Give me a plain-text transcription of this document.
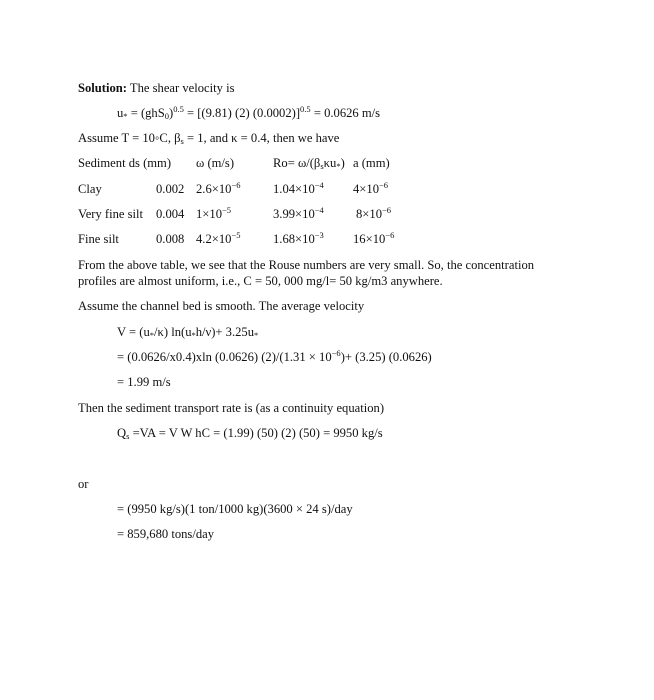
Solution: The shear velocity is
$u_* = (ghS_0)^{0.5} = [(9.81)$ (2) (0.0002)]$^{0.5}$ = 0.0626 m/s
Assume T = 10◦C, $\beta_s = 1$, and κ = 0.4, then we have
Sediment ds (mm) ω (m/s)	$Ro= \omega/(\beta_s\kappa u_*)$ a (mm)
Clay	0.002 $2.6\times 10^{-6}$	$1.04\times 10^{-4}$ $4\times 10^{-6}$
Very fine silt 0.004 $1\times 10^{-5}$	$3.99\times 10^{-4}$	$8\times 10^{-6}$
Fine silt	0.008 $4.2\times 10^{-5}$	$1.68\times 10^{-3}$ $16\times 10^{-6}$
From the above table, we see that the Rouse numbers are very small. So, the concentration
profiles are almost uniform, i.e., C = 50, 000 mg/l= 50 kg/m3 anywhere.
Assume the channel bed is smooth. The average velocity
$V = (u_*/\kappa)$ $\ln(u_*h/\nu)+ 3.25u_*$
= (0.0626/x0.4)xln (0.0626) $(2)/(1.31 \times 10^{-6})+ (3.25)$ (0.0626)
= 1.99 m/s
Then the sediment transport rate is (as a continuity equation)
$Q_s =VA = V$ W hC = (1.99) (50) (2) (50) = 9950 kg/s
or
= (9950 kg/s)(1 ton/1000 kg)(3600 × 24 s)/day
= 859,680 tons/day
